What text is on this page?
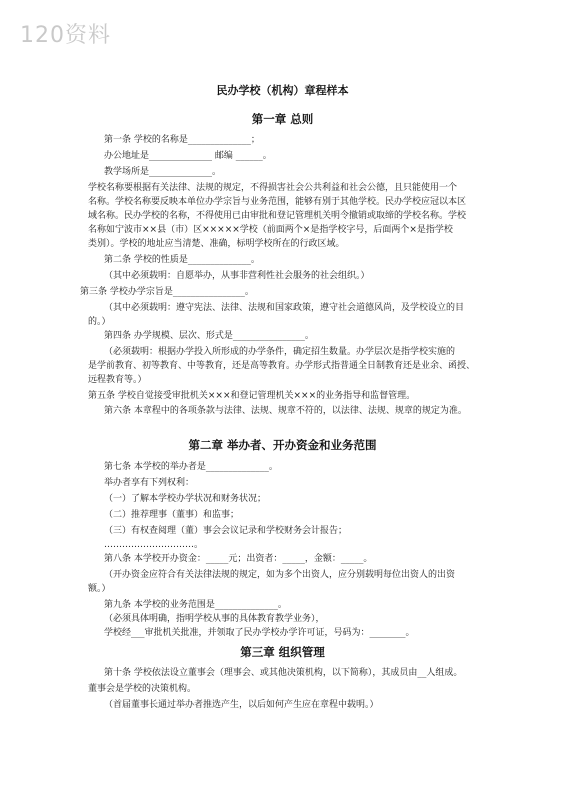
120资料
民办学校（机构）章程样本
第一章 总则
第一条 学校的名称是______________；
办公地址是______________ 邮编 ______。
教学场所是______________。
学校名称要根据有关法律、法规的规定，不得损害社会公共利益和社会公德，且只能使用一个
名称。学校名称要反映本单位办学宗旨与业务范围，能够有别于其他学校。民办学校应冠以本区
域名称。民办学校的名称，不得使用已由审批和登记管理机关明令撤销或取缔的学校名称。学校
名称如宁波市××县（市）区×××××学校（前面两个×是指学校字号，后面两个×是指学校
类别）。学校的地址应当清楚、准确，标明学校所在的行政区域。
第二条 学校的性质是______________。
（其中必须载明：自愿举办，从事非营利性社会服务的社会组织。）
第三条 学校办学宗旨是________________。
（其中必须载明：遵守宪法、法律、法规和国家政策，遵守社会道德风尚，及学校设立的目
的。）
第四条 办学规模、层次、形式是________________。
（必须载明：根据办学投入所形成的办学条件，确定招生数量。办学层次是指学校实施的
是学前教育、初等教育、中等教育，还是高等教育。办学形式指普通全日制教育还是业余、函授、
远程教育等。）
第五条 学校自觉接受审批机关×××和登记管理机关×××的业务指导和监督管理。
第六条 本章程中的各项条款与法律、法规、规章不符的，以法律、法规、规章的规定为准。
第二章 举办者、开办资金和业务范围
第七条 本学校的举办者是______________。
举办者享有下列权利：
（一）了解本学校办学状况和财务状况；
（二）推荐理事（董事）和监事；
（三）有权查阅理（董）事会会议记录和学校财务会计报告；
…………………………。
第八条 本学校开办资金：_____元；出资者：_____，金额：_____。
（开办资金应符合有关法律法规的规定，如为多个出资人，应分别载明每位出资人的出资
额。）
第九条 本学校的业务范围是______________。
（必须具体明确，指明学校从事的具体教育教学业务），
学校经___审批机关批准，并领取了民办学校办学许可证，号码为：________。
第三章 组织管理
第十条 学校依法设立董事会（理事会、或其他决策机构，以下简称），其成员由__人组成。
董事会是学校的决策机构。
（首届董事长通过举办者推选产生，以后如何产生应在章程中载明。）
